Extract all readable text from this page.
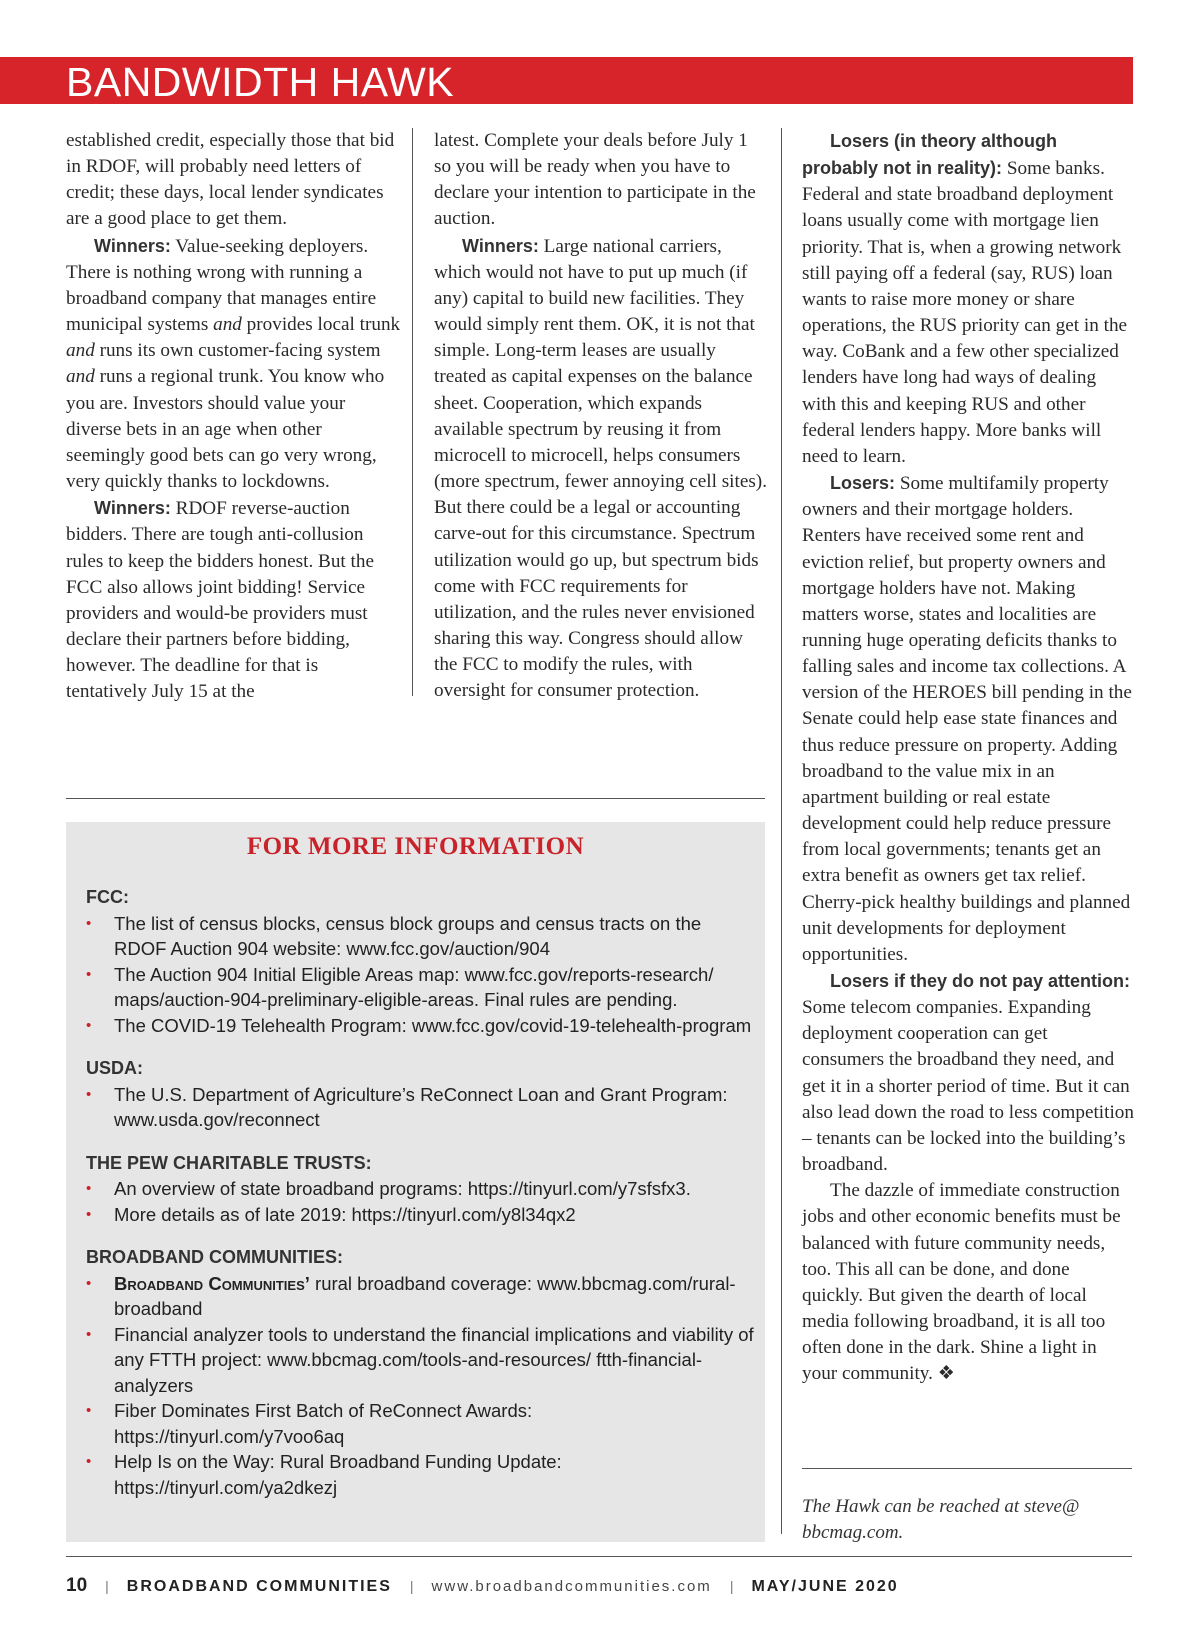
BANDWIDTH HAWK

established credit, especially those that bid in RDOF, will probably need letters of credit; these days, local lender syndicates are a good place to get them.

Winners: Value-seeking deployers. There is nothing wrong with running a broadband company that manages entire municipal systems and provides local trunk and runs its own customer-facing system and runs a regional trunk. You know who you are. Investors should value your diverse bets in an age when other seemingly good bets can go very wrong, very quickly thanks to lockdowns.

Winners: RDOF reverse-auction bidders. There are tough anti-collusion rules to keep the bidders honest. But the FCC also allows joint bidding! Service providers and would-be providers must declare their partners before bidding, however. The deadline for that is tentatively July 15 at the

latest. Complete your deals before July 1 so you will be ready when you have to declare your intention to participate in the auction.

Winners: Large national carriers, which would not have to put up much (if any) capital to build new facilities. They would simply rent them. OK, it is not that simple. Long-term leases are usually treated as capital expenses on the balance sheet. Cooperation, which expands available spectrum by reusing it from microcell to microcell, helps consumers (more spectrum, fewer annoying cell sites). But there could be a legal or accounting carve-out for this circumstance. Spectrum utilization would go up, but spectrum bids come with FCC requirements for utilization, and the rules never envisioned sharing this way. Congress should allow the FCC to modify the rules, with oversight for consumer protection.

Losers (in theory although probably not in reality): Some banks. Federal and state broadband deployment loans usually come with mortgage lien priority. That is, when a growing network still paying off a federal (say, RUS) loan wants to raise more money or share operations, the RUS priority can get in the way. CoBank and a few other specialized lenders have long had ways of dealing with this and keeping RUS and other federal lenders happy. More banks will need to learn.

Losers: Some multifamily property owners and their mortgage holders. Renters have received some rent and eviction relief, but property owners and mortgage holders have not. Making matters worse, states and localities are running huge operating deficits thanks to falling sales and income tax collections. A version of the HEROES bill pending in the Senate could help ease state finances and thus reduce pressure on property. Adding broadband to the value mix in an apartment building or real estate development could help reduce pressure from local governments; tenants get an extra benefit as owners get tax relief. Cherry-pick healthy buildings and planned unit developments for deployment opportunities.

Losers if they do not pay attention: Some telecom companies. Expanding deployment cooperation can get consumers the broadband they need, and get it in a shorter period of time. But it can also lead down the road to less competition – tenants can be locked into the building’s broadband.

The dazzle of immediate construction jobs and other economic benefits must be balanced with future community needs, too. This all can be done, and done quickly. But given the dearth of local media following broadband, it is all too often done in the dark. Shine a light in your community. ❖

The Hawk can be reached at steve@ bbcmag.com.
FOR MORE INFORMATION
FCC:
• The list of census blocks, census block groups and census tracts on the RDOF Auction 904 website: www.fcc.gov/auction/904
• The Auction 904 Initial Eligible Areas map: www.fcc.gov/reports-research/ maps/auction-904-preliminary-eligible-areas. Final rules are pending.
• The COVID-19 Telehealth Program: www.fcc.gov/covid-19-telehealth-program
USDA:
• The U.S. Department of Agriculture’s ReConnect Loan and Grant Program: www.usda.gov/reconnect
THE PEW CHARITABLE TRUSTS:
• An overview of state broadband programs: https://tinyurl.com/y7sfsfx3.
• More details as of late 2019: https://tinyurl.com/y8l34qx2
BROADBAND COMMUNITIES:
• Broadband Communities’ rural broadband coverage: www.bbcmag.com/rural-broadband
• Financial analyzer tools to understand the financial implications and viability of any FTTH project: www.bbcmag.com/tools-and-resources/ ftth-financial-analyzers
• Fiber Dominates First Batch of ReConnect Awards: https://tinyurl.com/y7voo6aq
• Help Is on the Way: Rural Broadband Funding Update: https://tinyurl.com/ya2dkezj
10 | BROADBAND COMMUNITIES | www.broadbandcommunities.com | MAY/JUNE 2020
